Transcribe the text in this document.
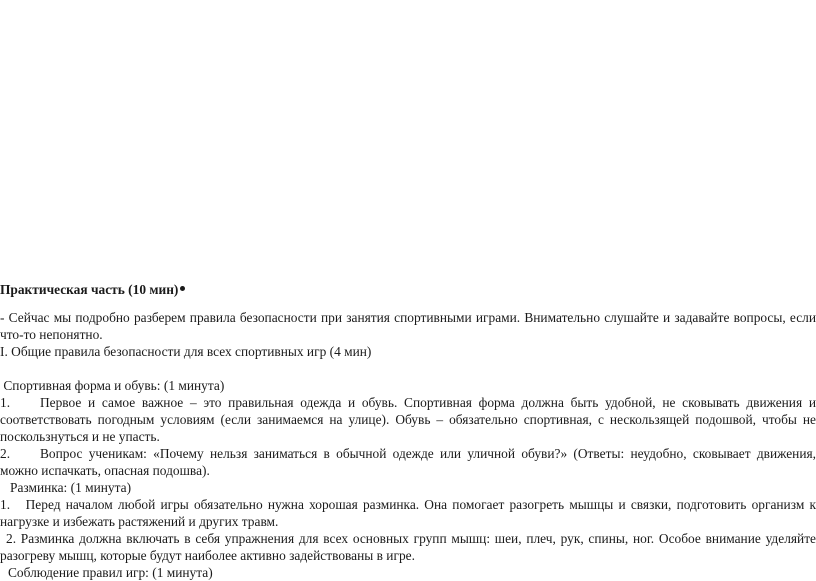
Практическая часть (10 мин)
- Сейчас мы подробно разберем правила безопасности при занятия спортивными играми. Внимательно слушайте и задавайте вопросы, если что-то непонятно.
I. Общие правила безопасности для всех спортивных игр (4 мин)
Спортивная форма и обувь: (1 минута)
1. Первое и самое важное – это правильная одежда и обувь. Спортивная форма должна быть удобной, не сковывать движения и соответствовать погодным условиям (если занимаемся на улице). Обувь – обязательно спортивная, с нескользящей подошвой, чтобы не поскользнуться и не упасть.
2. Вопрос ученикам: «Почему нельзя заниматься в обычной одежде или уличной обуви?» (Ответы: неудобно, сковывает движения, можно испачкать, опасная подошва).
Разминка: (1 минута)
1.   Перед началом любой игры обязательно нужна хорошая разминка. Она помогает разогреть мышцы и связки, подготовить организм к нагрузке и избежать растяжений и других травм.
2. Разминка должна включать в себя упражнения для всех основных групп мышц: шеи, плеч, рук, спины, ног. Особое внимание уделяйте разогреву мышц, которые будут наиболее активно задействованы в игре.
Соблюдение правил игр: (1 минута)
